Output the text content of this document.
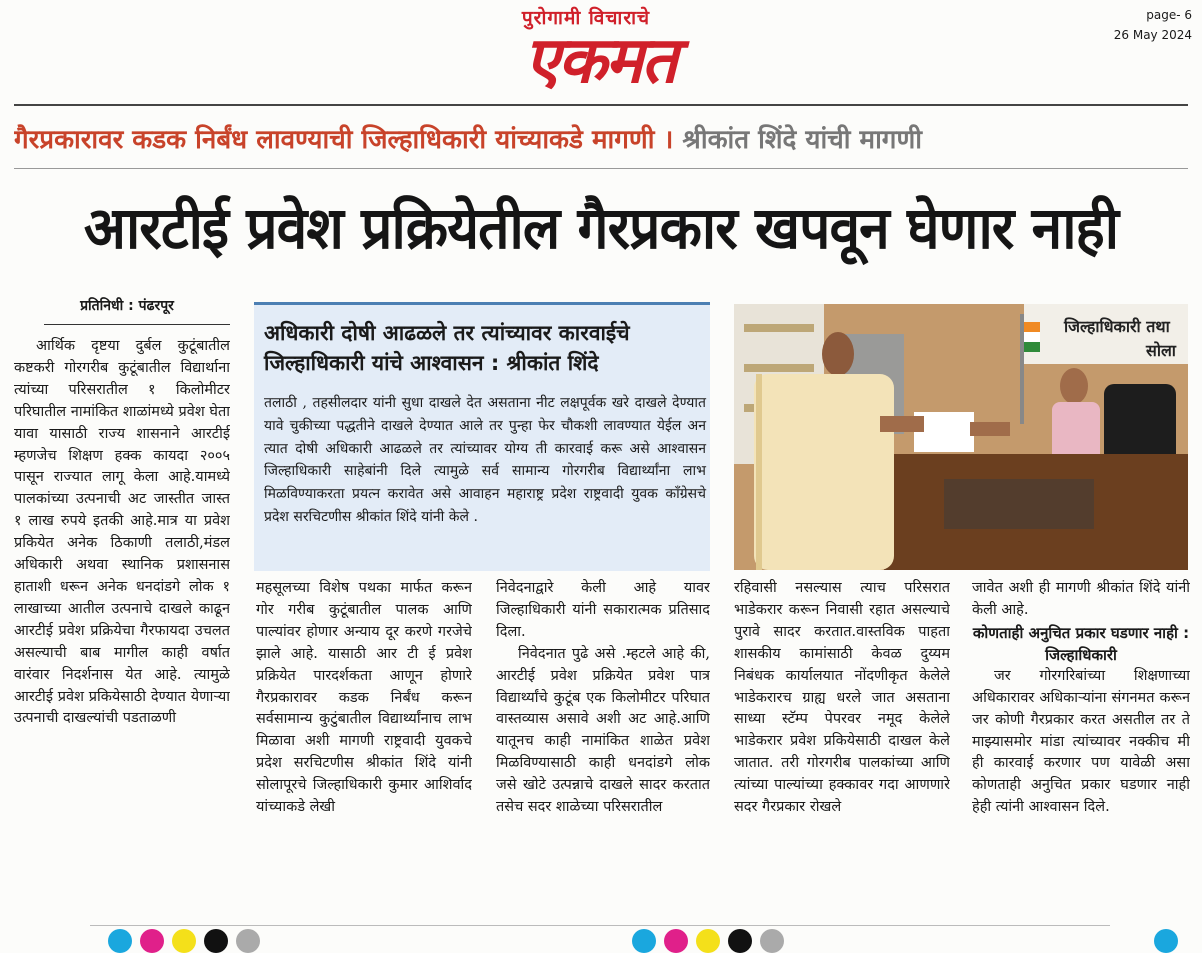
पुरोगामी विचाराचे
एकमत
page- 6
26 May 2024
गैरप्रकारावर कडक निर्बंध लावण्याची जिल्हाधिकारी यांच्याकडे मागणी । श्रीकांत शिंदे यांची मागणी
आरटीई प्रवेश प्रक्रियेतील गैरप्रकार खपवून घेणार नाही
प्रतिनिधी : पंढरपूर

आर्थिक दृष्टया दुर्बल कुटूंबातील कष्टकरी गोरगरीब कुटूंबातील विद्यार्थाना त्यांच्या परिसरातील १ किलोमीटर परिघातील नामांकित शाळांमध्ये प्रवेश घेता यावा यासाठी राज्य शासनाने आरटीई म्हणजेच शिक्षण हक्क कायदा २००५ पासून राज्यात लागू केला आहे.यामध्ये पालकांच्या उत्पनाची अट जास्तीत जास्त १ लाख रुपये इतकी आहे.मात्र या प्रवेश प्रकियेत अनेक ठिकाणी तलाठी,मंडल अधिकारी अथवा स्थानिक प्रशासनास हाताशी धरून अनेक धनदांडगे लोक १ लाखाच्या आतील उत्पनाचे दाखले काढून आरटीई प्रवेश प्रक्रियेचा गैरफायदा उचलत असल्याची बाब मागील काही वर्षात वारंवार निदर्शनास येत आहे. त्यामुळे आरटीई प्रवेश प्रकियेसाठी देण्यात येणाऱ्या उत्पनाची दाखल्यांची पडताळणी

अधिकारी दोषी आढळले तर त्यांच्यावर कारवाईचे जिल्हाधिकारी यांचे आश्वासन : श्रीकांत शिंदे
तलाठी , तहसीलदार यांनी सुधा दाखले देत असताना नीट लक्षपूर्वक खरे दाखले देण्यात यावे चुकीच्या पद्धतीने दाखले देण्यात आले तर पुन्हा फेर चौकशी लावण्यात येईल अन त्यात दोषी अधिकारी आढळले तर त्यांच्यावर योग्य ती कारवाई करू असे आश्वासन जिल्हाधिकारी साहेबांनी दिले त्यामुळे सर्व सामान्य गोरगरीब विद्यार्थ्यांना लाभ मिळविण्याकरता प्रयत्न करावेत असे आवाहन महाराष्ट्र प्रदेश राष्ट्रवादी युवक कॉंग्रेसचे प्रदेश सरचिटणीस श्रीकांत शिंदे यांनी केले .
जिल्हाधिकारी तथा
सोला

महसूलच्या विशेष पथका मार्फत करून गोर गरीब कुटूंबातील पालक आणि पाल्यांवर होणार अन्याय दूर करणे गरजेचे झाले आहे. यासाठी आर टी ई प्रवेश प्रक्रियेत पारदर्शकता आणून होणारे गैरप्रकारावर कडक निर्बंध करून सर्वसामान्य कुटुंबातील विद्यार्थ्यांनाच लाभ मिळावा अशी मागणी राष्ट्रवादी युवकचे प्रदेश सरचिटणीस श्रीकांत शिंदे यांनी सोलापूरचे जिल्हाधिकारी कुमार आशिर्वाद यांच्याकडे लेखी

निवेदनाद्वारे केली आहे यावर जिल्हाधिकारी यांनी सकारात्मक प्रतिसाद दिला.

निवेदनात पुढे असे .म्हटले आहे की, आरटीई प्रवेश प्रक्रियेत प्रवेश पात्र विद्यार्थ्यांचे कुटूंब एक किलोमीटर परिघात वास्तव्यास असावे अशी अट आहे.आणि यातूनच काही नामांकित शाळेत प्रवेश मिळविण्यासाठी काही धनदांडगे लोक जसे खोटे उत्पन्नाचे दाखले सादर करतात तसेच सदर शाळेच्या परिसरातील

रहिवासी नसल्यास त्याच परिसरात भाडेकरार करून निवासी रहात असल्याचे पुरावे सादर करतात.वास्तविक पाहता शासकीय कामांसाठी केवळ दुय्यम निबंधक कार्यालयात नोंदणीकृत केलेले भाडेकरारच ग्राह्य धरले जात असताना साध्या स्टॅम्प पेपरवर नमूद केलेले भाडेकरार प्रवेश प्रकियेसाठी दाखल केले जातात. तरी गोरगरीब पालकांच्या आणि त्यांच्या पाल्यांच्या हक्कावर गदा आणणारे सदर गैरप्रकार रोखले

जावेत अशी ही मागणी श्रीकांत शिंदे यांनी केली आहे.

कोणताही अनुचित प्रकार घडणार नाही : जिल्हाधिकारी

जर गोरगरिबांच्या शिक्षणाच्या अधिकारावर अधिकाऱ्यांना संगनमत करून जर कोणी गैरप्रकार करत असतील तर ते माझ्यासमोर मांडा त्यांच्यावर नक्कीच मी ही कारवाई करणार पण यावेळी असा कोणताही अनुचित प्रकार घडणार नाही हेही त्यांनी आश्वासन दिले.
